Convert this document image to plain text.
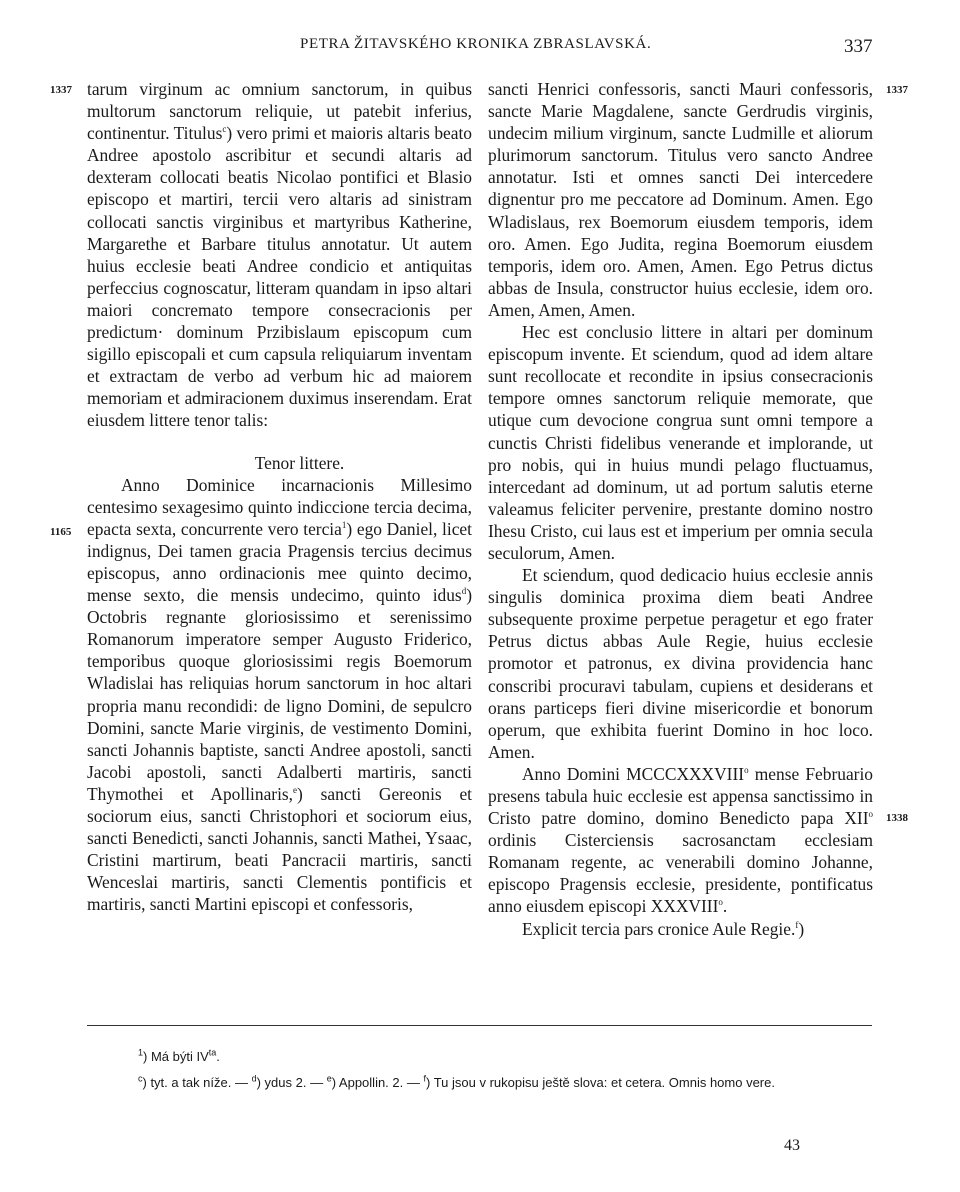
PETRA ŽITAVSKÉHO KRONIKA ZBRASLAVSKÁ.	337
1337
1165
1337
1338

tarum virginum ac omnium sanctorum, in quibus multorum sanctorum reliquie, ut patebit inferius, continentur. Titulus$^c$) vero primi et maioris altaris beato Andree apostolo ascribitur et secundi altaris ad dexteram collocati beatis Nicolao pontifici et Blasio episcopo et martiri, tercii vero altaris ad sinistram collocati sanctis virginibus et martyribus Katherine, Margarethe et Barbare titulus annotatur. Ut autem huius ecclesie beati Andree condicio et antiquitas perfeccius cognoscatur, litteram quandam in ipso altari maiori concremato tempore consecracionis per predictum· dominum Przibislaum episcopum cum sigillo episcopali et cum capsula reliquiarum inventam et extractam de verbo ad verbum hic ad maiorem memoriam et admiracionem duximus inserendam. Erat eiusdem littere tenor talis:

Tenor littere.

Anno Dominice incarnacionis Millesimo centesimo sexagesimo quinto indiccione tercia decima, epacta sexta, concurrente vero tercia$^1$) ego Daniel, licet indignus, Dei tamen gracia Pragensis tercius decimus episcopus, anno ordinacionis mee quinto decimo, mense sexto, die mensis undecimo, quinto idus$^d$) Octobris regnante gloriosissimo et serenissimo Romanorum imperatore semper Augusto Friderico, temporibus quoque gloriosissimi regis Boemorum Wladislai has reliquias horum sanctorum in hoc altari propria manu recondidi: de ligno Domini, de sepulcro Domini, sancte Marie virginis, de vestimento Domini, sancti Johannis baptiste, sancti Andree apostoli, sancti Jacobi apostoli, sancti Adalberti martiris, sancti Thymothei et Apollinaris,$^e$) sancti Gereonis et sociorum eius, sancti Christophori et sociorum eius, sancti Benedicti, sancti Johannis, sancti Mathei, Ysaac, Cristini martirum, beati Pancracii martiris, sancti Wenceslai martiris, sancti Clementis pontificis et martiris, sancti Martini episcopi et confessoris,

sancti Henrici confessoris, sancti Mauri confessoris, sancte Marie Magdalene, sancte Gerdrudis virginis, undecim milium virginum, sancte Ludmille et aliorum plurimorum sanctorum. Titulus vero sancto Andree annotatur. Isti et omnes sancti Dei intercedere dignentur pro me peccatore ad Dominum. Amen. Ego Wladislaus, rex Boemorum eiusdem temporis, idem oro. Amen. Ego Judita, regina Boemorum eiusdem temporis, idem oro. Amen, Amen. Ego Petrus dictus abbas de Insula, constructor huius ecclesie, idem oro. Amen, Amen, Amen.

Hec est conclusio littere in altari per dominum episcopum invente. Et sciendum, quod ad idem altare sunt recollocate et recondite in ipsius consecracionis tempore omnes sanctorum reliquie memorate, que utique cum devocione congrua sunt omni tempore a cunctis Christi fidelibus venerande et implorande, ut pro nobis, qui in huius mundi pelago fluctuamus, intercedant ad dominum, ut ad portum salutis eterne valeamus feliciter pervenire, prestante domino nostro Ihesu Cristo, cui laus est et imperium per omnia secula seculorum, Amen.

Et sciendum, quod dedicacio huius ecclesie annis singulis dominica proxima diem beati Andree subsequente proxime perpetue peragetur et ego frater Petrus dictus abbas Aule Regie, huius ecclesie promotor et patronus, ex divina providencia hanc conscribi procuravi tabulam, cupiens et desiderans et orans particeps fieri divine misericordie et bonorum operum, que exhibita fuerint Domino in hoc loco. Amen.

Anno Domini MCCCXXXVIII$^o$ mense Februario presens tabula huic ecclesie est appensa sanctissimo in Cristo patre domino, domino Benedicto papa XII$^o$ ordinis Cisterciensis sacrosanctam ecclesiam Romanam regente, ac venerabili domino Johanne, episcopo Pragensis ecclesie, presidente, pontificatus anno eiusdem episcopi XXXVIII$^o$.

Explicit tercia pars cronice Aule Regie.$^f$)

$^1$) Má býti $IV^{ta}$.
$^c$) tyt. a tak níže. — $^d$) ydus 2. — $^e$) Appollin. 2. — $^f$) Tu jsou v rukopisu ještě slova: et cetera. Omnis homo vere.
43
